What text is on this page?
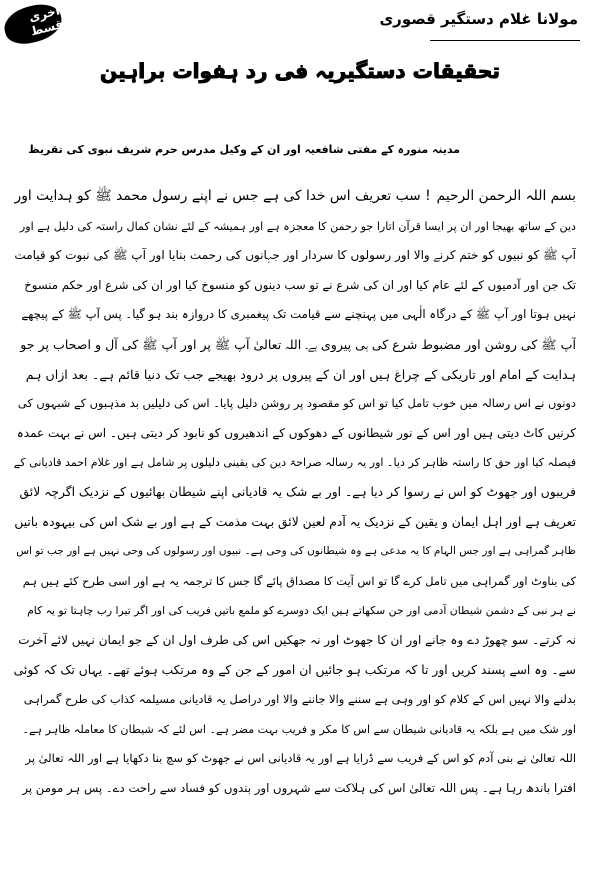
آخری قسط	مولانا غلام دستگیر قصوری
تحقیقات دستگیریہ فی رد ہفوات براہین
مدینہ منورہ کے مفتی شافعیہ اور ان کے وکیل مدرس حرم شریف نبوی کی تقریظ
بسم اللہ الرحمن الرحیم! سب تعریف اس خدا کی ہے جس نے اپنے رسول محمد ﷺ کو ہدایت اور
دین کے ساتھ بھیجا اور ان پر ایسا قرآن اتارا جو رحمن کا معجزہ ہے اور ہمیشہ کے لئے نشان کمال راستہ کی دلیل ہے اور
آپ ﷺ کو نبیوں کو ختم کرنے والا اور رسولوں کا سردار اور جہانوں کی رحمت بنایا اور آپ ﷺ کی نبوت کو قیامت
تک جن اور آدمیوں کے لئے عام کیا اور ان کی شرع نے تو سب دینوں کو منسوخ کیا اور ان کی شرع اور حکم منسوخ
نہیں ہوتا اور آپ ﷺ کے درگاہ الٰہی میں پہنچنے سے قیامت تک پیغمبری کا دروازہ بند ہو گیا۔ پس آپ ﷺ کے پیچھے
آپ ﷺ کی روشن اور مضبوط شرع کی ہی پیروی ہے۔ اللہ تعالیٰ آپ ﷺ پر اور آپ ﷺ کی آل و اصحاب پر جو
ہدایت کے امام اور تاریکی کے چراغ ہیں اور ان کے پیروں پر درود بھیجے جب تک دنیا قائم ہے۔ بعد ازاں ہم
دونوں نے اس رسالہ میں خوب تامل کیا تو اس کو مقصود پر روشن دلیل پایا۔ اس کی دلیلیں بد مذہبوں کے شبہوں کی
کرنیں کاٹ دیتی ہیں اور اس کے نور شیطانوں کے دھوکوں کے اندھیروں کو نابود کر دیتی ہیں۔ اس نے بہت عمدہ
فیصلہ کیا اور حق کا راستہ ظاہر کر دیا۔ اور یہ رسالہ صراحۃ دین کی یقینی دلیلوں پر شامل ہے اور غلام احمد قادیانی کے
فریبوں اور جھوٹ کو اس نے رسوا کر دیا ہے۔ اور بے شک یہ قادیانی اپنے شیطان بھائیوں کے نزدیک اگرچہ لائق
تعریف ہے اور اہل ایمان و یقین کے نزدیک یہ آدم لعین لائق بہت مذمت کے ہے اور بے شک اس کی بیہودہ باتیں
ظاہر گمراہی ہے اور جس الہام کا یہ مدعی ہے وہ شیطانوں کی وحی ہے۔ نبیوں اور رسولوں کی وحی نہیں ہے اور جب تو اس
کی بناوٹ اور گمراہی میں تامل کرے گا تو اس آیت کا مصداق پائے گا جس کا ترجمہ یہ ہے اور اسی طرح کئے ہیں ہم
نے ہر نبی کے دشمن شیطان آدمی اور جن سکھاتے ہیں ایک دوسرے کو ملمع باتیں فریب کی اور اگر تیرا رب چاہتا تو یہ کام
نہ کرتے۔ سو چھوڑ دے وہ جانے اور ان کا جھوٹ اور نہ جھکیں اس کی طرف اول ان کے جو ایمان نہیں لائے آخرت
سے۔ وہ اسے پسند کریں اور تا کہ مرتکب ہو جائیں ان امور کے جن کے وہ مرتکب ہوئے تھے۔ یہاں تک کہ کوئی
بدلنے والا نہیں اس کے کلام کو اور وہی ہے سننے والا جاننے والا اور دراصل یہ قادیانی مسیلمہ کذاب کی طرح گمراہی
اور شک میں ہے بلکہ یہ قادیانی شیطان سے اس کا مکر و فریب بہت مضر ہے۔ اس لئے کہ شیطان کا معاملہ ظاہر ہے۔
اللہ تعالیٰ نے بنی آدم کو اس کے فریب سے ڈرایا ہے اور یہ قادیانی اس نے جھوٹ کو سچ بنا دکھایا ہے اور اللہ تعالیٰ پر
افترا باندھ رہا ہے۔ پس اللہ تعالیٰ اس کی ہلاکت سے شہروں اور بندوں کو فساد سے راحت دے۔ پس ہر مومن پر
